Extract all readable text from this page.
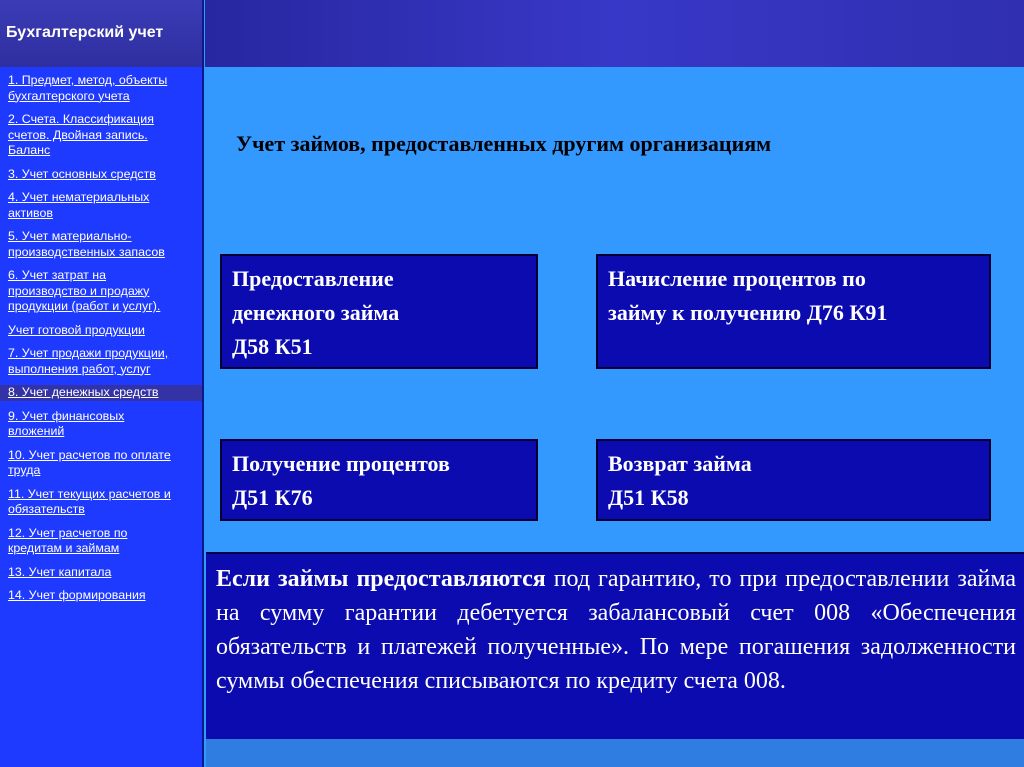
Бухгалтерский учет
1. Предмет, метод, объекты бухгалтерского учета
2. Счета. Классификация счетов. Двойная запись. Баланс
3. Учет основных средств
4. Учет нематериальных активов
5. Учет материально-производственных запасов
6. Учет затрат на производство и продажу продукции (работ и услуг).
Учет готовой продукции
7. Учет продажи продукции, выполнения работ, услуг
8. Учет денежных средств
9. Учет финансовых вложений
10. Учет расчетов по оплате труда
11. Учет текущих расчетов и обязательств
12. Учет расчетов по кредитам и займам
13. Учет капитала
14. Учет формирования
Учет займов, предоставленных другим организациям
Предоставление
денежного займа
Д58 К51
Начисление процентов по
займу к получению Д76 К91
Получение процентов
Д51 К76
Возврат займа
Д51 К58
Если займы предоставляются под гарантию, то при предоставлении займа на сумму гарантии дебетуется забалансовый счет 008 «Обеспечения обязательств и платежей полученные». По мере погашения задолженности суммы обеспечения списываются по кредиту счета 008.
